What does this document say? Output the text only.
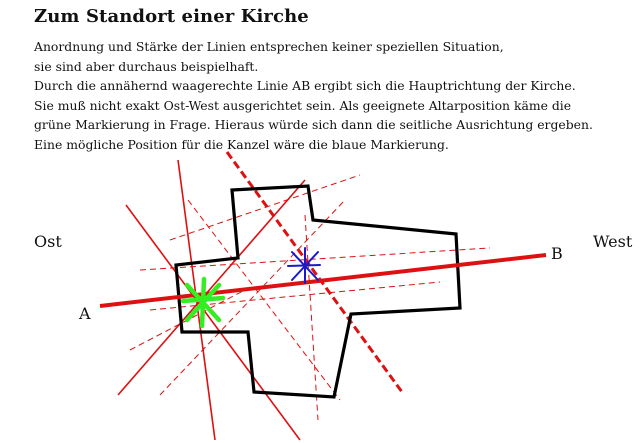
Zum Standort einer Kirche
Anordnung und Stärke der Linien entsprechen keiner speziellen Situation,
sie sind aber durchaus beispielhaft.
Durch die annähernd waagerechte Linie AB ergibt sich die Hauptrichtung der Kirche.
Sie muß nicht exakt Ost-West ausgerichtet sein. Als geeignete Altarposition käme die
grüne Markierung in Frage. Hieraus würde sich dann die seitliche Ausrichtung ergeben.
Eine mögliche Position für die Kanzel wäre die blaue Markierung.
Ost	West
A
B
